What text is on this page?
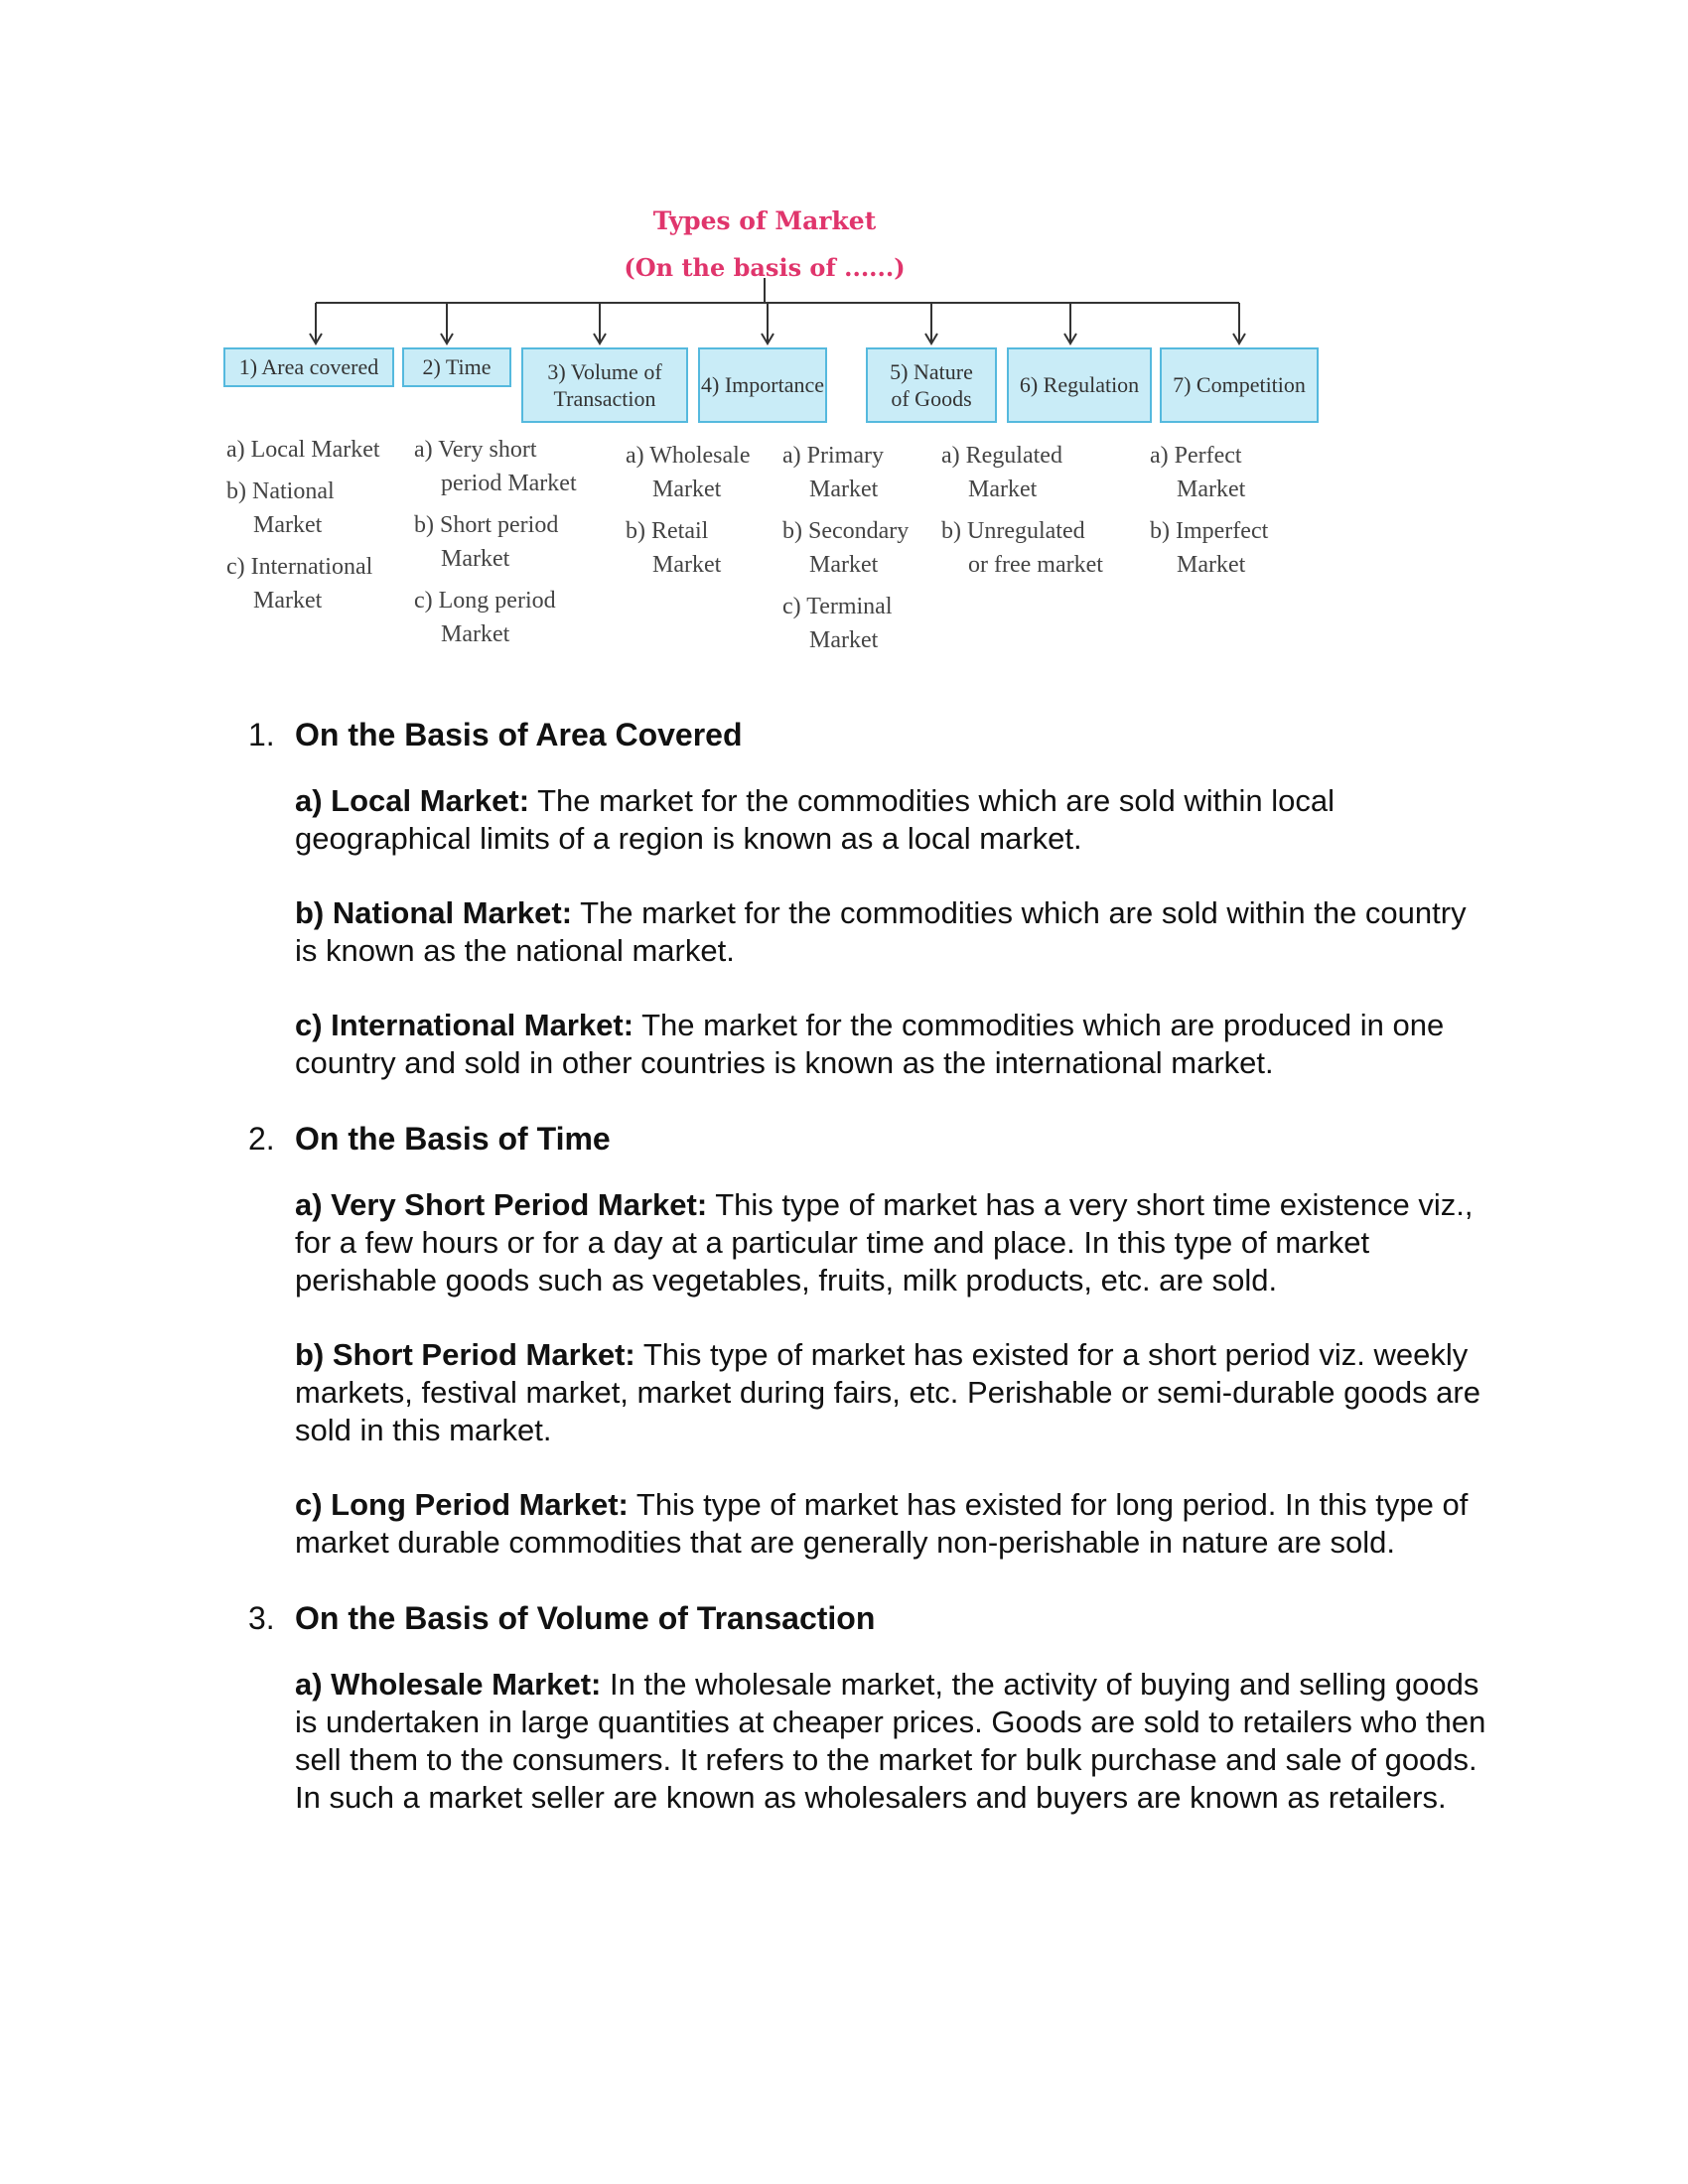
Types of Market
(On the basis of ......)
1) Area covered	2) Time	3) Volume of Transaction
4) Importance
5) Nature of Goods
6) Regulation	7) Competition
a) Local Market
b) National
Market
c) International
Market
a) Very short
period Market
b) Short period
Market
c) Long period
Market
a) Wholesale
Market
b) Retail
Market
a) Primary
Market
b) Secondary
Market
c) Terminal
Market
a) Regulated
Market
b) Unregulated
or free market
a) Perfect
Market
b) Imperfect
Market
1. On the Basis of Area Covered

a) Local Market: The market for the commodities which are sold within local geographical limits of a region is known as a local market.

b) National Market: The market for the commodities which are sold within the country is known as the national market.

c) International Market: The market for the commodities which are produced in one country and sold in other countries is known as the international market.

2. On the Basis of Time

a) Very Short Period Market: This type of market has a very short time existence viz., for a few hours or for a day at a particular time and place. In this type of market perishable goods such as vegetables, fruits, milk products, etc. are sold.

b) Short Period Market: This type of market has existed for a short period viz. weekly markets, festival market, market during fairs, etc. Perishable or semi-durable goods are sold in this market.

c) Long Period Market: This type of market has existed for long period. In this type of market durable commodities that are generally non-perishable in nature are sold.

3. On the Basis of Volume of Transaction

a) Wholesale Market: In the wholesale market, the activity of buying and selling goods is undertaken in large quantities at cheaper prices. Goods are sold to retailers who then sell them to the consumers. It refers to the market for bulk purchase and sale of goods. In such a market seller are known as wholesalers and buyers are known as retailers.
